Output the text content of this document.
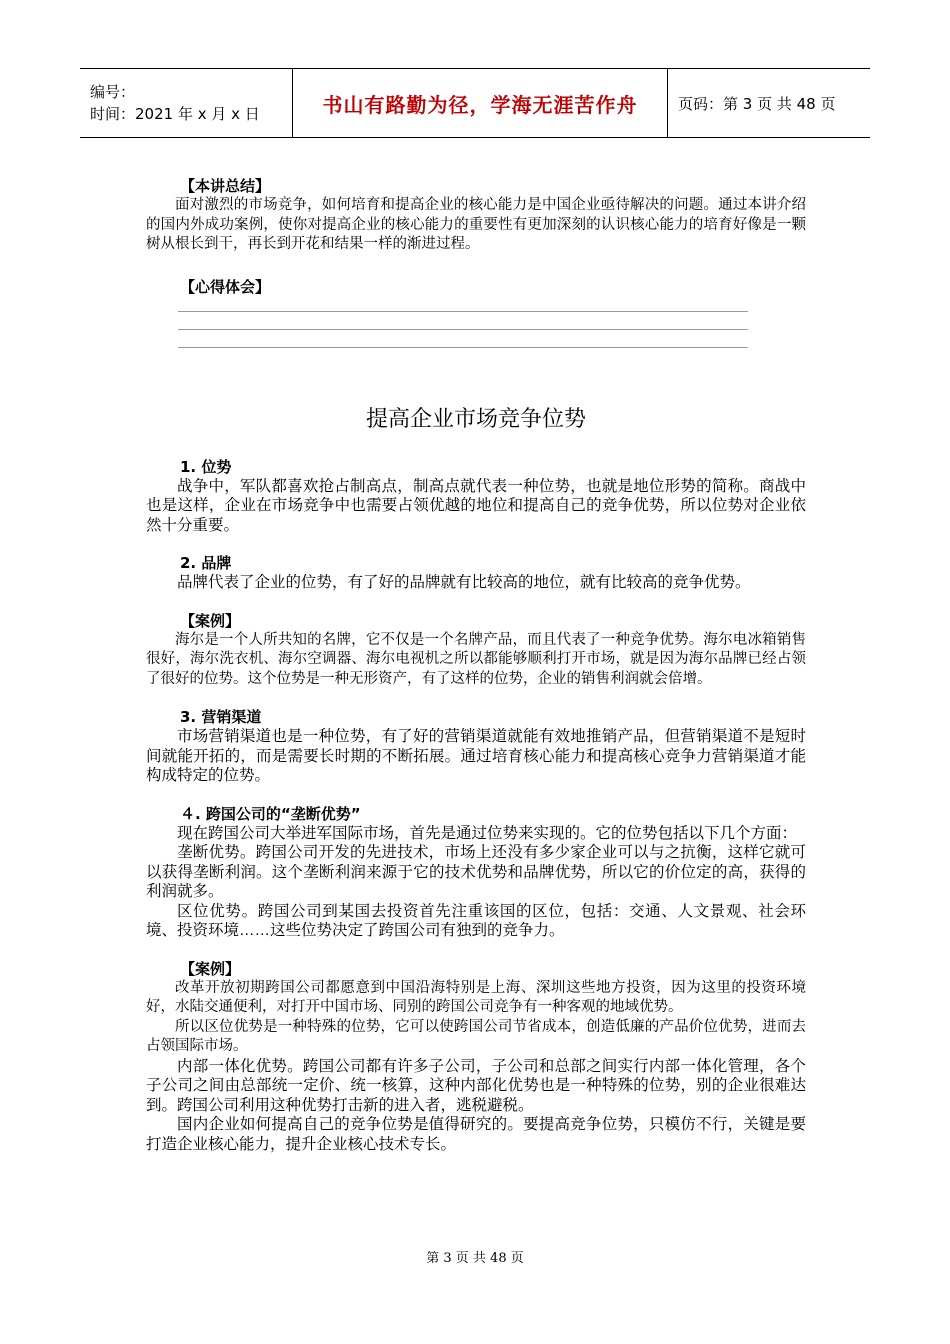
编号：
时间：2021 年 x 月 x 日	书山有路勤为径，学海无涯苦作舟	页码：第 3 页 共 48 页
【本讲总结】

面对激烈的市场竞争，如何培育和提高企业的核心能力是中国企业亟待解决的问题。通过本讲介绍的国内外成功案例，使你对提高企业的核心能力的重要性有更加深刻的认识核心能力的培育好像是一颗树从根长到干，再长到开花和结果一样的渐进过程。

【心得体会】
提高企业市场竞争位势
1. 位势

战争中，军队都喜欢抢占制高点，制高点就代表一种位势，也就是地位形势的简称。商战中也是这样，企业在市场竞争中也需要占领优越的地位和提高自己的竞争优势，所以位势对企业依然十分重要。

2. 品牌

品牌代表了企业的位势，有了好的品牌就有比较高的地位，就有比较高的竞争优势。

【案例】

海尔是一个人所共知的名牌，它不仅是一个名牌产品，而且代表了一种竞争优势。海尔电冰箱销售很好，海尔洗衣机、海尔空调器、海尔电视机之所以都能够顺利打开市场，就是因为海尔品牌已经占领了很好的位势。这个位势是一种无形资产，有了这样的位势，企业的销售利润就会倍增。

3. 营销渠道

市场营销渠道也是一种位势，有了好的营销渠道就能有效地推销产品，但营销渠道不是短时间就能开拓的，而是需要长时期的不断拓展。通过培育核心能力和提高核心竞争力营销渠道才能构成特定的位势。

４. 跨国公司的“垄断优势”

现在跨国公司大举进军国际市场，首先是通过位势来实现的。它的位势包括以下几个方面：

垄断优势。跨国公司开发的先进技术，市场上还没有多少家企业可以与之抗衡，这样它就可以获得垄断利润。这个垄断利润来源于它的技术优势和品牌优势，所以它的价位定的高，获得的利润就多。

区位优势。跨国公司到某国去投资首先注重该国的区位，包括：交通、人文景观、社会环境、投资环境……这些位势决定了跨国公司有独到的竞争力。

【案例】

改革开放初期跨国公司都愿意到中国沿海特别是上海、深圳这些地方投资，因为这里的投资环境好，水陆交通便利，对打开中国市场、同别的跨国公司竞争有一种客观的地域优势。

所以区位优势是一种特殊的位势，它可以使跨国公司节省成本，创造低廉的产品价位优势，进而去占领国际市场。

内部一体化优势。跨国公司都有许多子公司，子公司和总部之间实行内部一体化管理，各个子公司之间由总部统一定价、统一核算，这种内部化优势也是一种特殊的位势，别的企业很难达到。跨国公司利用这种优势打击新的进入者，逃税避税。

国内企业如何提高自己的竞争位势是值得研究的。要提高竞争位势，只模仿不行，关键是要打造企业核心能力，提升企业核心技术专长。

第 3 页 共 48 页
